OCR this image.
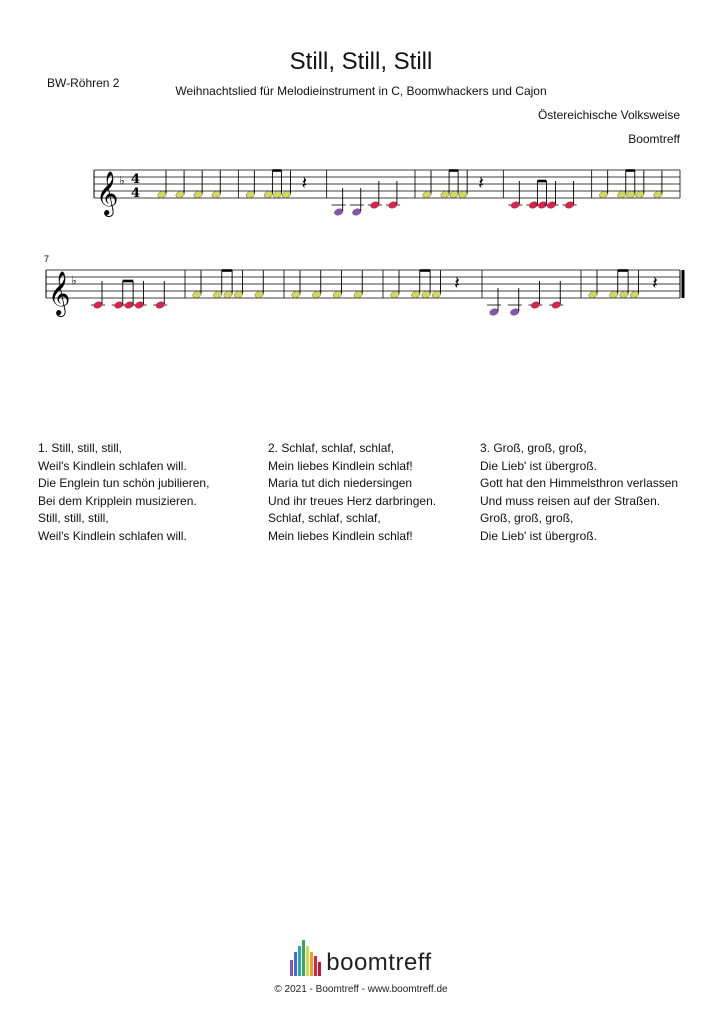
Still, Still, Still
BW-Röhren 2
Weihnachtslied für Melodieinstrument in C, Boomwhackers und Cajon
Östereichische Volksweise
Boomtreff
𝄞 ♭ 4
4	𝄽	𝄽
𝄞 ♭
7
𝄽	𝄽
1. Still, still, still,
Weil's Kindlein schlafen will.
Die Englein tun schön jubilieren,
Bei dem Kripplein musizieren.
Still, still, still,
Weil's Kindlein schlafen will.
2. Schlaf, schlaf, schlaf,
Mein liebes Kindlein schlaf!
Maria tut dich niedersingen
Und ihr treues Herz darbringen.
Schlaf, schlaf, schlaf,
Mein liebes Kindlein schlaf!
3. Groß, groß, groß,
Die Lieb' ist übergroß.
Gott hat den Himmelsthron verlassen
Und muss reisen auf der Straßen.
Groß, groß, groß,
Die Lieb' ist übergroß.
boomtreff
© 2021 - Boomtreff - www.boomtreff.de
